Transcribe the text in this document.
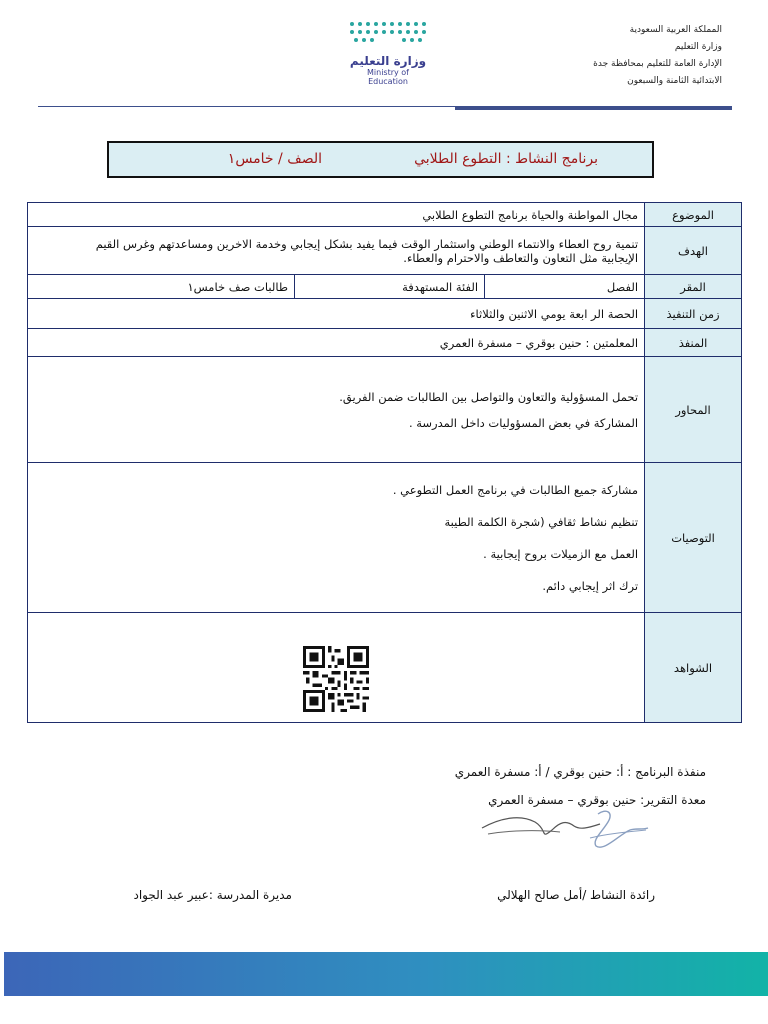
المملكة العربية السعودية
وزارة التعليم
الإدارة العامة للتعليم بمحافظة جدة
الابتدائية الثامنة والسبعون
وزارة التعليم
Ministry of Education
برنامج النشاط : التطوع الطلابي
الصف / خامس١
الموضوع	مجال المواطنة والحياة برنامج التطوع الطلابي		
الهدف	تنمية روح العطاء والانتماء الوطني واستثمار الوقت فيما يفيد بشكل إيجابي وخدمة الاخرين ومساعدتهم وغرس القيم
الإيجابية مثل التعاون والتعاطف والاحترام والعطاء.		

المقر	الفصل	الفئة المستهدفة	طالبات صف خامس١
زمن التنفيذ	الحصة الر ابعة يومي الاثنين والثلاثاء		
المنفذ	المعلمتين : حنين بوقري – مسفرة العمري		
المحاور	تحمل المسؤولية والتعاون والتواصل بين الطالبات ضمن الفريق.
المشاركة في بعض المسؤوليات داخل المدرسة .		

التوصيات	مشاركة جميع الطالبات في برنامج العمل التطوعي .
تنظيم نشاط ثقافي (شجرة الكلمة الطيبة
العمل مع الزميلات بروح إيجابية .
ترك اثر إيجابي دائم.		

الشواهد			
منفذة البرنامج : أ: حنين بوقري / أ: مسفرة العمري
معدة التقرير: حنين بوقري – مسفرة العمري
رائدة النشاط /أمل صالح الهلالي
مديرة المدرسة :عبير عبد الجواد
